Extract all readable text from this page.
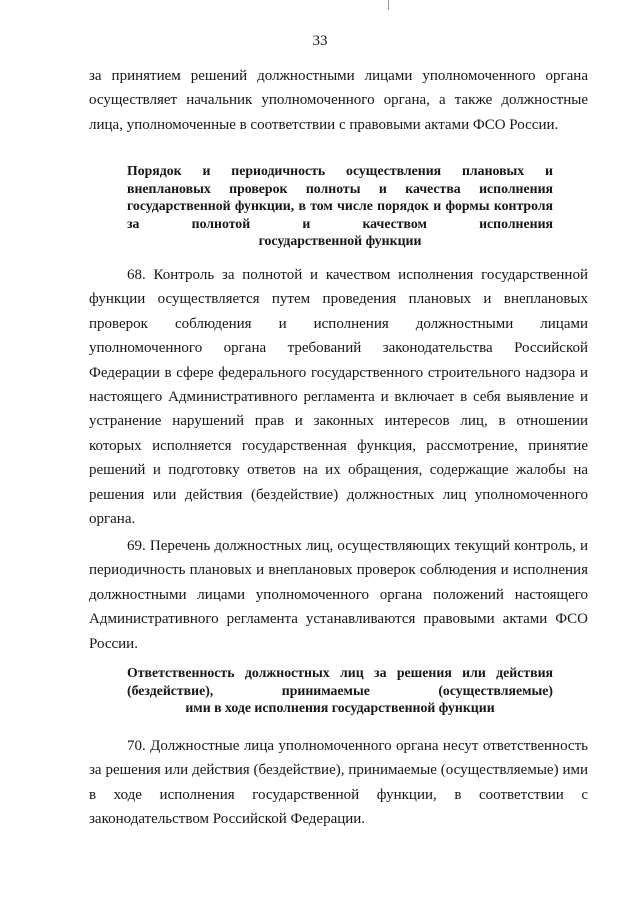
33

за принятием решений должностными лицами уполномоченного органа осуществляет начальник уполномоченного органа, а также должностные лица, уполномоченные в соответствии с правовыми актами ФСО России.

Порядок и периодичность осуществления плановых и внеплановых проверок полноты и качества исполнения государственной функции, в том числе порядок и формы контроля за полнотой и качеством исполнения
государственной функции

68. Контроль за полнотой и качеством исполнения государственной функции осуществляется путем проведения плановых и внеплановых проверок соблюдения и исполнения должностными лицами уполномоченного органа требований законодательства Российской Федерации в сфере федерального государственного строительного надзора и настоящего Административного регламента и включает в себя выявление и устранение нарушений прав и законных интересов лиц, в отношении которых исполняется государственная функция, рассмотрение, принятие решений и подготовку ответов на их обращения, содержащие жалобы на решения или действия (бездействие) должностных лиц уполномоченного органа.

69. Перечень должностных лиц, осуществляющих текущий контроль, и периодичность плановых и внеплановых проверок соблюдения и исполнения должностными лицами уполномоченного органа положений настоящего Административного регламента устанавливаются правовыми актами ФСО России.

Ответственность должностных лиц за решения или действия (бездействие), принимаемые (осуществляемые)
ими в ходе исполнения государственной функции

70. Должностные лица уполномоченного органа несут ответственность за решения или действия (бездействие), принимаемые (осуществляемые) ими в ходе исполнения государственной функции, в соответствии с законодательством Российской Федерации.
